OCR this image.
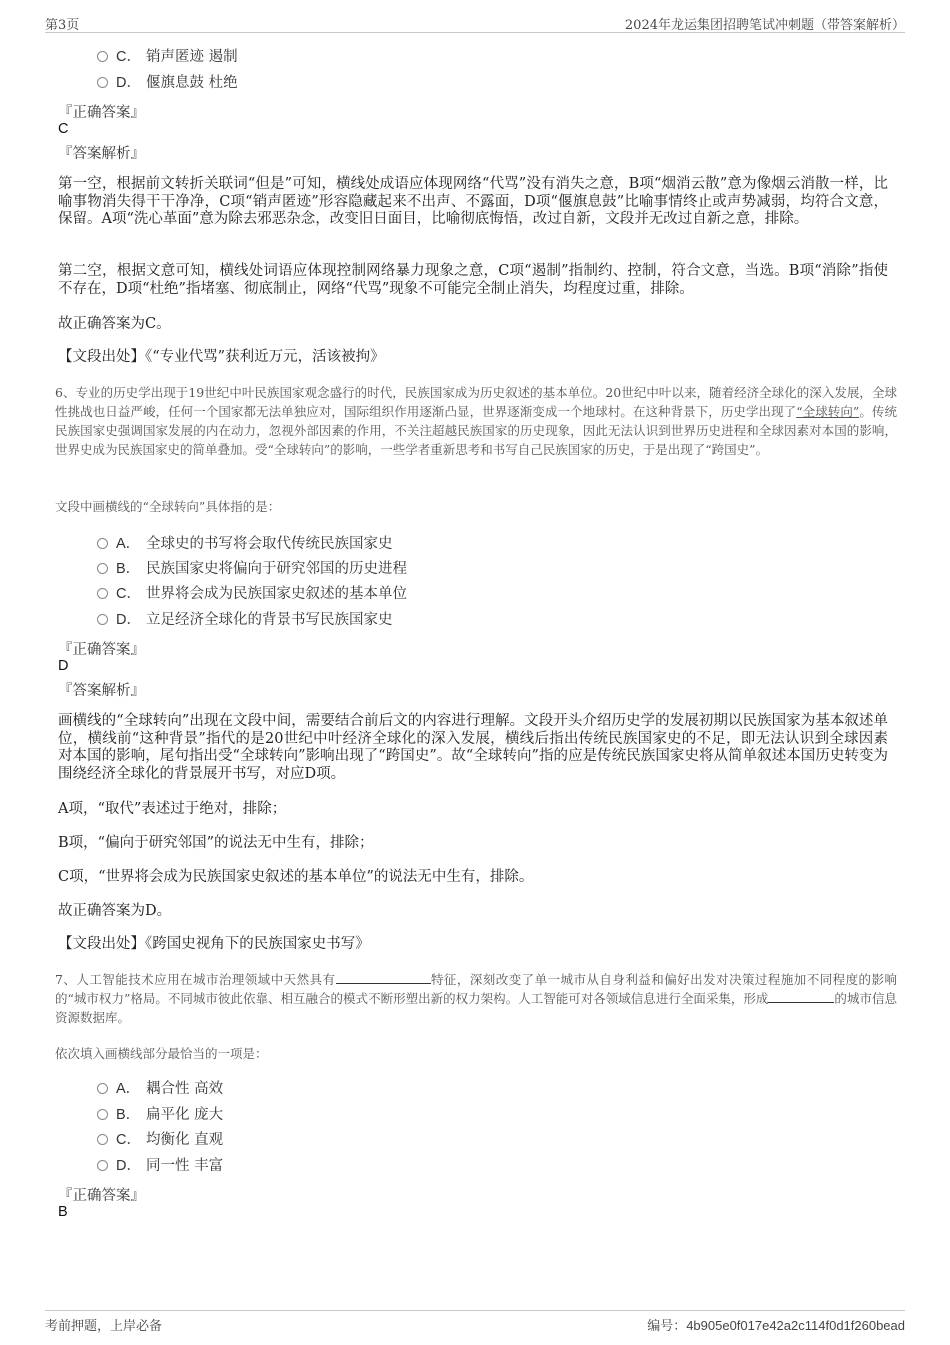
第3页	2024年龙运集团招聘笔试冲刺题（带答案解析）
C． 销声匿迹 遏制
D． 偃旗息鼓 杜绝
『正确答案』
C
『答案解析』
第一空，根据前文转折关联词“但是”可知，横线处成语应体现网络“代骂”没有消失之意，B项“烟消云散”意为像烟云消散一样，比喻事物消失得干干净净，C项“销声匿迹”形容隐藏起来不出声、不露面，D项“偃旗息鼓”比喻事情终止或声势减弱，均符合文意，保留。A项“洗心革面”意为除去邪恶杂念，改变旧日面目，比喻彻底悔悟，改过自新，文段并无改过自新之意，排除。
第二空，根据文意可知，横线处词语应体现控制网络暴力现象之意，C项“遏制”指制约、控制，符合文意，当选。B项“消除”指使不存在，D项“杜绝”指堵塞、彻底制止，网络“代骂”现象不可能完全制止消失，均程度过重，排除。
故正确答案为C。
【文段出处】《“专业代骂”获利近万元，活该被拘》
6、专业的历史学出现于19世纪中叶民族国家观念盛行的时代，民族国家成为历史叙述的基本单位。20世纪中叶以来，随着经济全球化的深入发展，全球性挑战也日益严峻，任何一个国家都无法单独应对，国际组织作用逐渐凸显，世界逐渐变成一个地球村。在这种背景下，历史学出现了“全球转向”。传统民族国家史强调国家发展的内在动力，忽视外部因素的作用，不关注超越民族国家的历史现象，因此无法认识到世界历史进程和全球因素对本国的影响，世界史成为民族国家史的简单叠加。受“全球转向”的影响，一些学者重新思考和书写自己民族国家的历史，于是出现了“跨国史”。
文段中画横线的“全球转向”具体指的是：
A． 全球史的书写将会取代传统民族国家史
B． 民族国家史将偏向于研究邻国的历史进程
C． 世界将会成为民族国家史叙述的基本单位
D． 立足经济全球化的背景书写民族国家史
『正确答案』
D
『答案解析』
画横线的“全球转向”出现在文段中间，需要结合前后文的内容进行理解。文段开头介绍历史学的发展初期以民族国家为基本叙述单位，横线前“这种背景”指代的是20世纪中叶经济全球化的深入发展，横线后指出传统民族国家史的不足，即无法认识到全球因素对本国的影响，尾句指出受“全球转向”影响出现了“跨国史”。故“全球转向”指的应是传统民族国家史将从简单叙述本国历史转变为围绕经济全球化的背景展开书写，对应D项。
A项，“取代”表述过于绝对，排除；
B项，“偏向于研究邻国”的说法无中生有，排除；
C项，“世界将会成为民族国家史叙述的基本单位”的说法无中生有，排除。
故正确答案为D。
【文段出处】《跨国史视角下的民族国家史书写》
7、人工智能技术应用在城市治理领域中天然具有	特征，深刻改变了单一城市从自身利益和偏好出发对决策过程施加不同程度的影响的“城市权力”格局。不同城市彼此依靠、相互融合的模式不断形塑出新的权力架构。人工智能可对各领域信息进行全面采集，形成	的城市信息资源数据库。
依次填入画横线部分最恰当的一项是：
A． 耦合性 高效
B． 扁平化 庞大
C． 均衡化 直观
D． 同一性 丰富
『正确答案』
B
考前押题，上岸必备	编号：4b905e0f017e42a2c114f0d1f260bead
